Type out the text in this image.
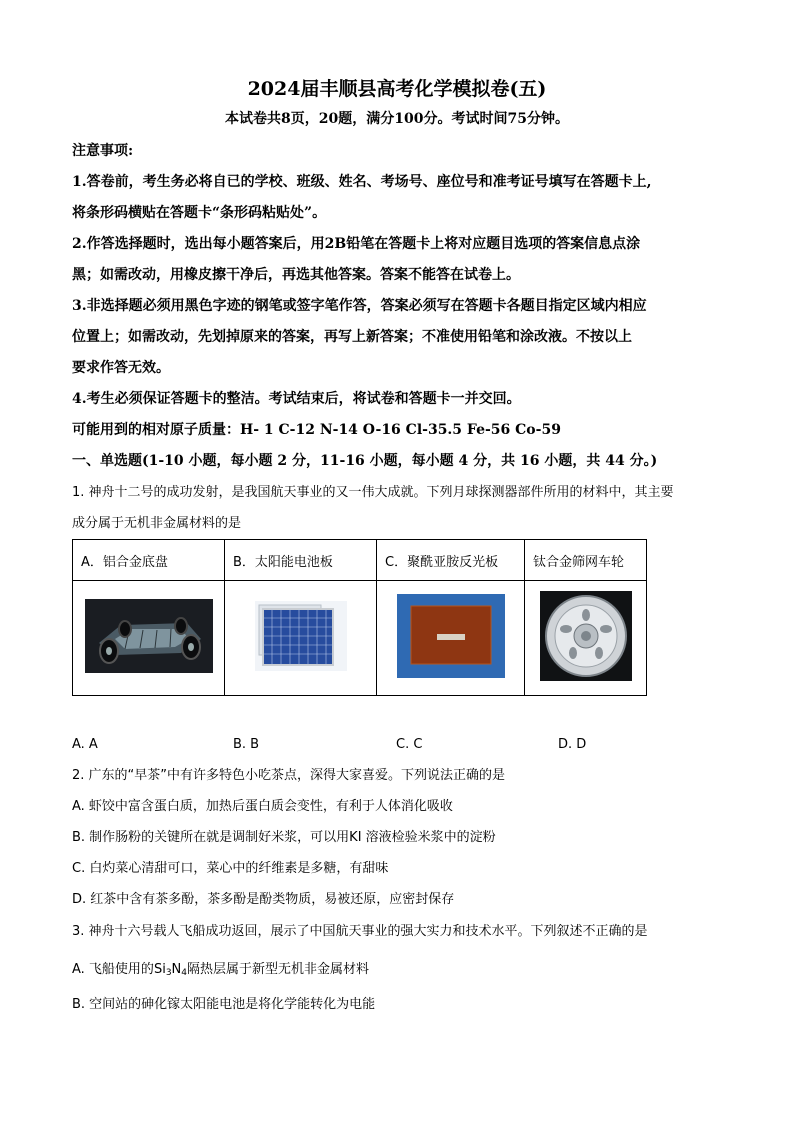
2024届丰顺县高考化学模拟卷(五)
本试卷共8页，20题，满分100分。考试时间75分钟。
注意事项:
1.答卷前，考生务必将自已的学校、班级、姓名、考场号、座位号和准考证号填写在答题卡上,
将条形码横贴在答题卡“条形码粘贴处”。
2.作答选择题时，选出每小题答案后，用2B铅笔在答题卡上将对应题目选项的答案信息点涂
黑；如需改动，用橡皮擦干净后，再选其他答案。答案不能答在试卷上。
3.非选择题必须用黑色字迹的钢笔或签字笔作答，答案必须写在答题卡各题目指定区域内相应
位置上；如需改动，先划掉原来的答案，再写上新答案；不准使用铅笔和涂改液。不按以上
要求作答无效。
4.考生必须保证答题卡的整洁。考试结束后，将试卷和答题卡一并交回。
可能用到的相对原子质量：H- 1 C-12 N-14 O-16 Cl-35.5 Fe-56 Co-59
一、单选题(1-10 小题，每小题 2 分，11-16 小题，每小题 4 分，共 16 小题，共 44 分。)
1. 神舟十二号的成功发射，是我国航天事业的又一伟大成就。下列月球探测器部件所用的材料中，其主要
成分属于无机非金属材料的是
A．铝合金底盘	B．太阳能电池板	C．聚酰亚胺反光板	钛合金筛网车轮

A. A	B. B	C. C	D. D
2. 广东的“早茶”中有许多特色小吃茶点，深得大家喜爱。下列说法正确的是
A. 虾饺中富含蛋白质，加热后蛋白质会变性，有利于人体消化吸收
B. 制作肠粉的关键所在就是调制好米浆，可以用KI 溶液检验米浆中的淀粉
C. 白灼菜心清甜可口，菜心中的纤维素是多糖，有甜味
D. 红茶中含有茶多酚，茶多酚是酚类物质，易被还原，应密封保存
3. 神舟十六号载人飞船成功返回，展示了中国航天事业的强大实力和技术水平。下列叙述不正确的是
A. 飞船使用的$Si_3N_4$隔热层属于新型无机非金属材料
B. 空间站的砷化镓太阳能电池是将化学能转化为电能
